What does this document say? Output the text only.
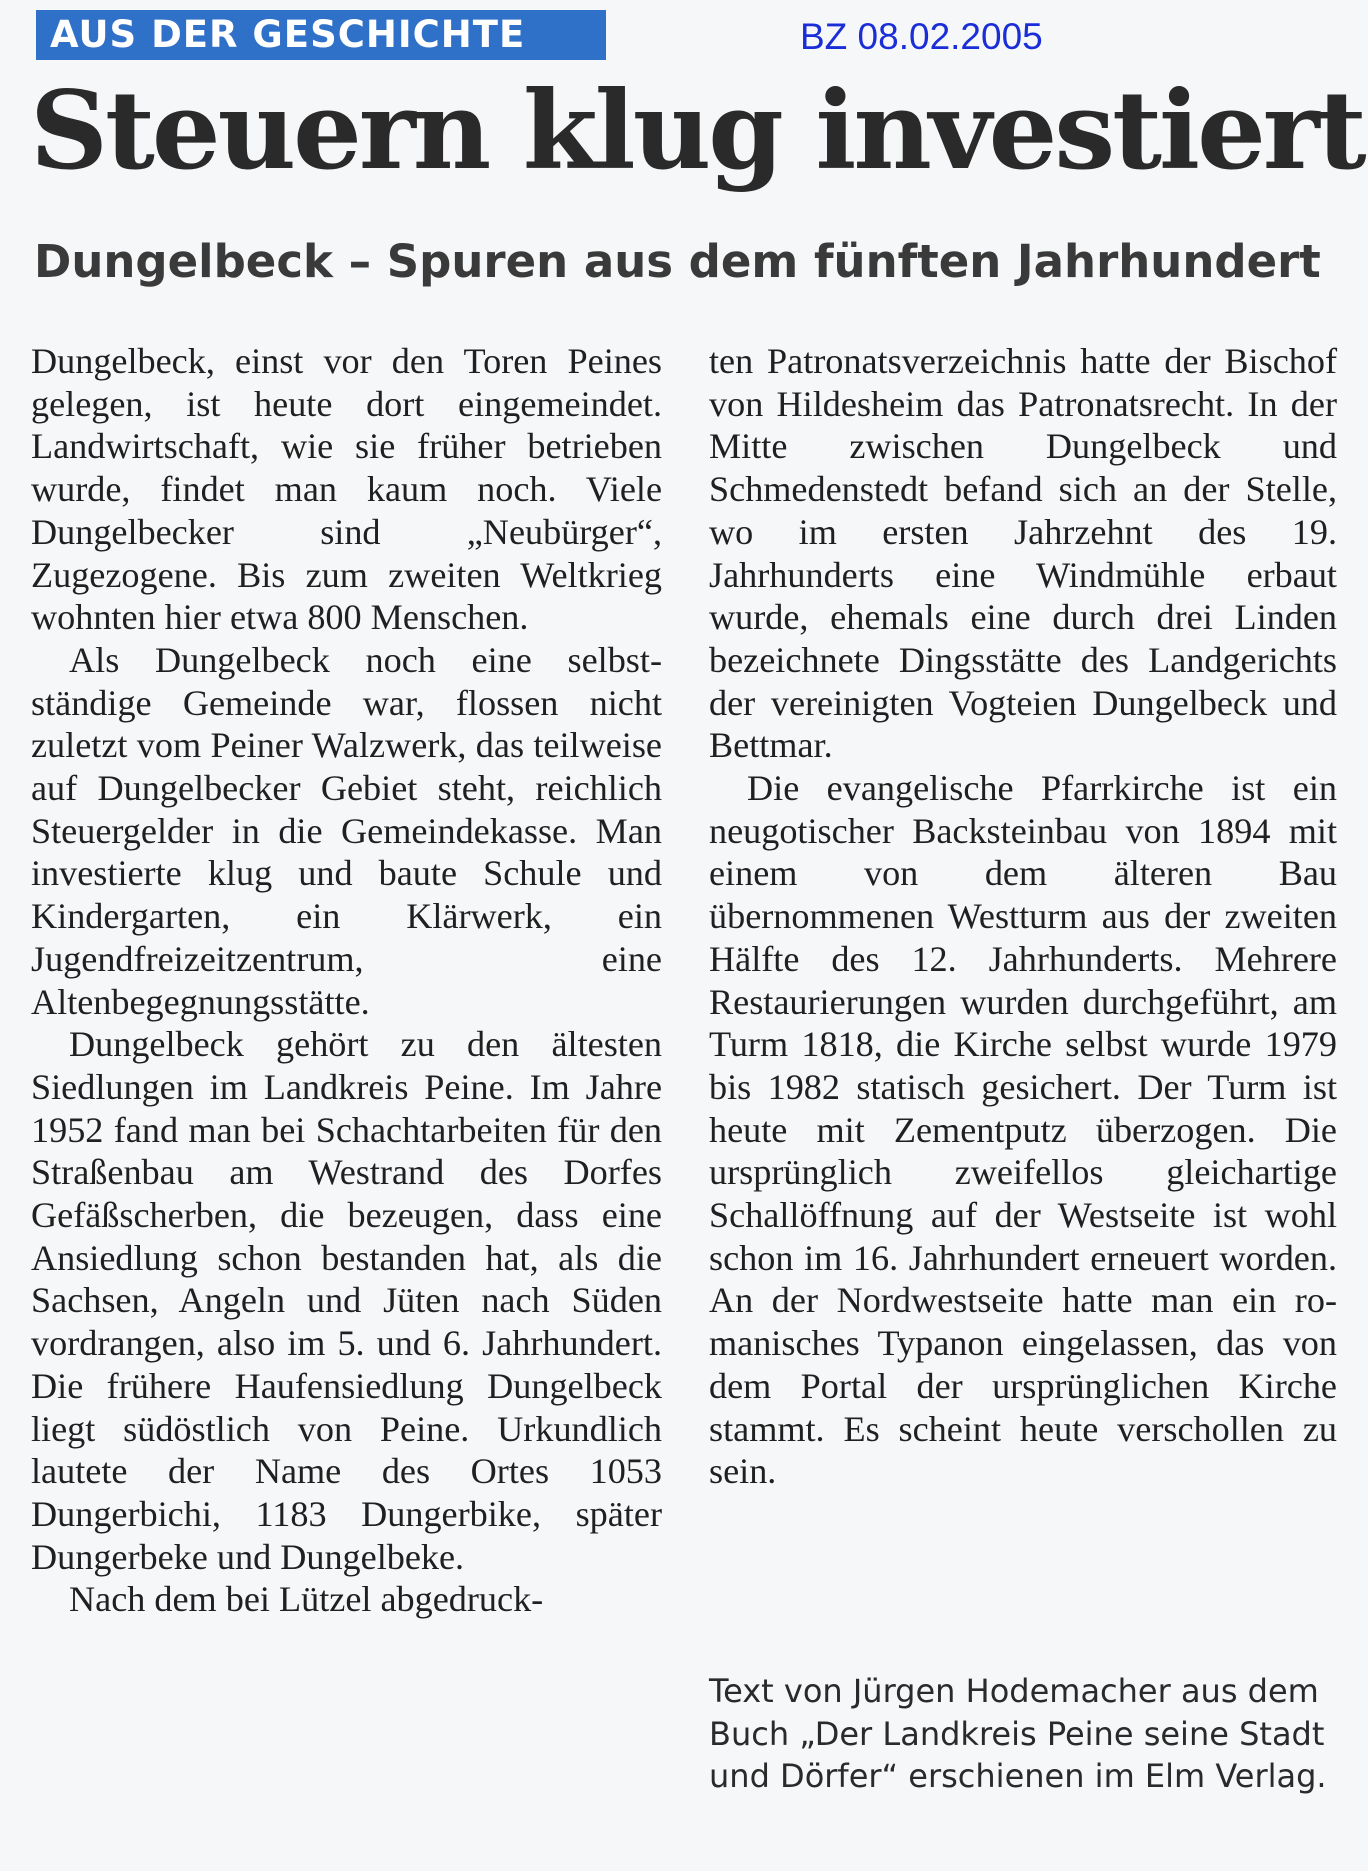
AUS DER GESCHICHTE	BZ 08.02.2005
Steuern klug investiert
Dungelbeck – Spuren aus dem fünften Jahrhundert

Dungelbeck, einst vor den Toren Peines gelegen, ist heute dort eingemeindet. Landwirtschaft, wie sie früher betrieben wurde, findet man kaum noch. Viele Dungelbecker sind „Neubürger“, Zugezogene. Bis zum zweiten Weltkrieg wohnten hier etwa 800 Menschen.

Als Dungelbeck noch eine selbstständige Gemeinde war, flossen nicht zuletzt vom Peiner Walzwerk, das teilweise auf Dungelbecker Gebiet steht, reichlich Steuergelder in die Gemeindekasse. Man investierte klug und baute Schule und Kindergarten, ein Klärwerk, ein Jugendfreizeitzentrum, eine Altenbegegnungsstätte.

Dungelbeck gehört zu den ältesten Siedlungen im Landkreis Peine. Im Jahre 1952 fand man bei Schachtarbeiten für den Straßenbau am Westrand des Dorfes Gefäßscherben, die bezeugen, dass eine Ansiedlung schon bestanden hat, als die Sachsen, Angeln und Jüten nach Süden vordrangen, also im 5. und 6. Jahrhundert. Die frühere Haufensiedlung Dungelbeck liegt südöstlich von Peine. Urkundlich lautete der Name des Ortes 1053 Dungerbichi, 1183 Dungerbike, später Dungerbeke und Dungelbeke.

Nach dem bei Lützel abgedruck-

ten Patronatsverzeichnis hatte der Bischof von Hildesheim das Patronatsrecht. In der Mitte zwischen Dungelbeck und Schmedenstedt befand sich an der Stelle, wo im ersten Jahrzehnt des 19. Jahrhunderts eine Windmühle erbaut wurde, ehemals eine durch drei Linden bezeichnete Dingsstätte des Landgerichts der vereinigten Vogteien Dungelbeck und Bettmar.

Die evangelische Pfarrkirche ist ein neugotischer Backsteinbau von 1894 mit einem von dem älteren Bau übernommenen Westturm aus der zweiten Hälfte des 12. Jahrhunderts. Mehrere Restaurierungen wurden durchgeführt, am Turm 1818, die Kirche selbst wurde 1979 bis 1982 statisch gesichert. Der Turm ist heute mit Zementputz überzogen. Die ursprünglich zweifellos gleichartige Schallöffnung auf der Westseite ist wohl schon im 16. Jahrhundert erneuert worden. An der Nordwestseite hatte man ein romanisches Typanon eingelassen, das von dem Portal der ursprünglichen Kirche stammt. Es scheint heute verschollen zu sein.

Text von Jürgen Hodemacher aus dem Buch „Der Landkreis Peine seine Stadt und Dörfer“ erschienen im Elm Verlag.
